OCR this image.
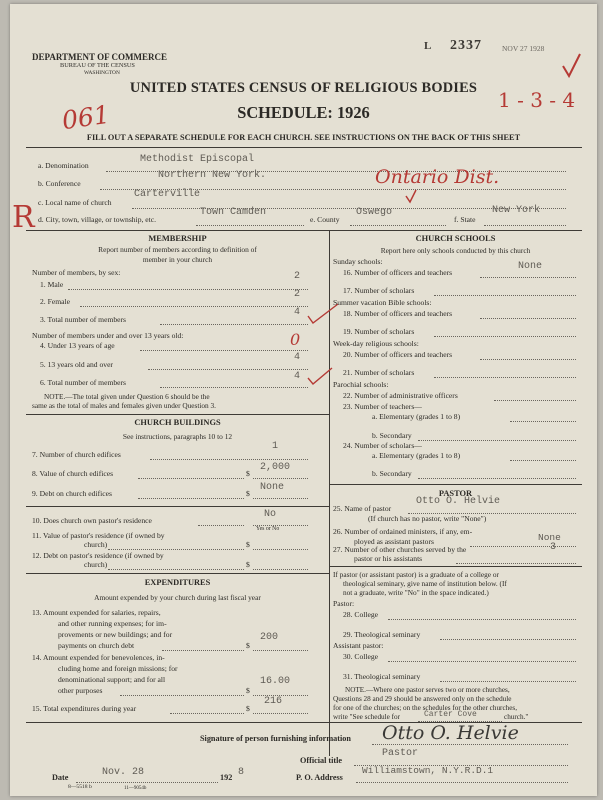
DEPARTMENT OF COMMERCE
BUREAU OF THE CENSUS
WASHINGTON
L 2337	NOV 27 1928
UNITED STATES CENSUS OF RELIGIOUS BODIES
SCHEDULE: 1926
061	1 - 3 - 4
FILL OUT A SEPARATE SCHEDULE FOR EACH CHURCH. SEE INSTRUCTIONS ON THE BACK OF THIS SHEET
a. Denomination
Methodist Episcopal
b. Conference
Northern New York.	Ontario Dist.
c. Local name of church
Carterville
R d. City, town, village, or township, etc.
Town Camden
e. County
Oswego
f. State
New York
MEMBERSHIP
Report number of members according to definition of
member in your church
Number of members, by sex:
1. Male
2
2. Female
2
3. Total number of members
4
Number of members under and over 13 years old:
4. Under 13 years of age	0
5. 13 years old and over
4
6. Total number of members
4
NOTE.—The total given under Question 6 should be the
same as the total of males and females given under Question 3.
CHURCH BUILDINGS
See instructions, paragraphs 10 to 12
7. Number of church edifices
1
8. Value of church edifices	$
2,000
9. Debt on church edifices	$
None
10. Does church own pastor's residence
No
Yes or No
11. Value of pastor's residence (if owned by
church)	$
12. Debt on pastor's residence (if owned by
church)	$
EXPENDITURES
Amount expended by your church during last fiscal year
13. Amount expended for salaries, repairs,
and other running expenses; for im-
provements or new buildings; and for
payments on church debt	$
200
14. Amount expended for benevolences, in-
cluding home and foreign missions; for
denominational support; and for all
other purposes	$
16.00
15. Total expenditures during year	$
216
CHURCH SCHOOLS
Report here only schools conducted by this church
Sunday schools:
16. Number of officers and teachers
None
17. Number of scholars
Summer vacation Bible schools:
18. Number of officers and teachers
19. Number of scholars
Week-day religious schools:
20. Number of officers and teachers
21. Number of scholars
Parochial schools:
22. Number of administrative officers
23. Number of teachers—
a. Elementary (grades 1 to 8)
b. Secondary
24. Number of scholars—
a. Elementary (grades 1 to 8)
b. Secondary
PASTOR
25. Name of pastor
Otto O. Helvie
(If church has no pastor, write "None")
26. Number of ordained ministers, if any, em-
ployed as assistant pastors	None
27. Number of other churches served by the
pastor or his assistants
3
If pastor (or assistant pastor) is a graduate of a college or
theological seminary, give name of institution below. (If
not a graduate, write "No" in the space indicated.)
Pastor:
28. College
29. Theological seminary
Assistant pastor:
30. College
31. Theological seminary
NOTE.—Where one pastor serves two or more churches,
Questions 28 and 29 should be answered only on the schedule
for one of the churches; on the schedules for the other churches,
write "See schedule for	Carter Cove	church."
Signature of person furnishing information Otto O. Helvie
Official title
Pastor
Date	Nov. 28	192 8	P. O. Address
Williamstown, N.Y.R.D.1
8—5518 b	11—9054b
